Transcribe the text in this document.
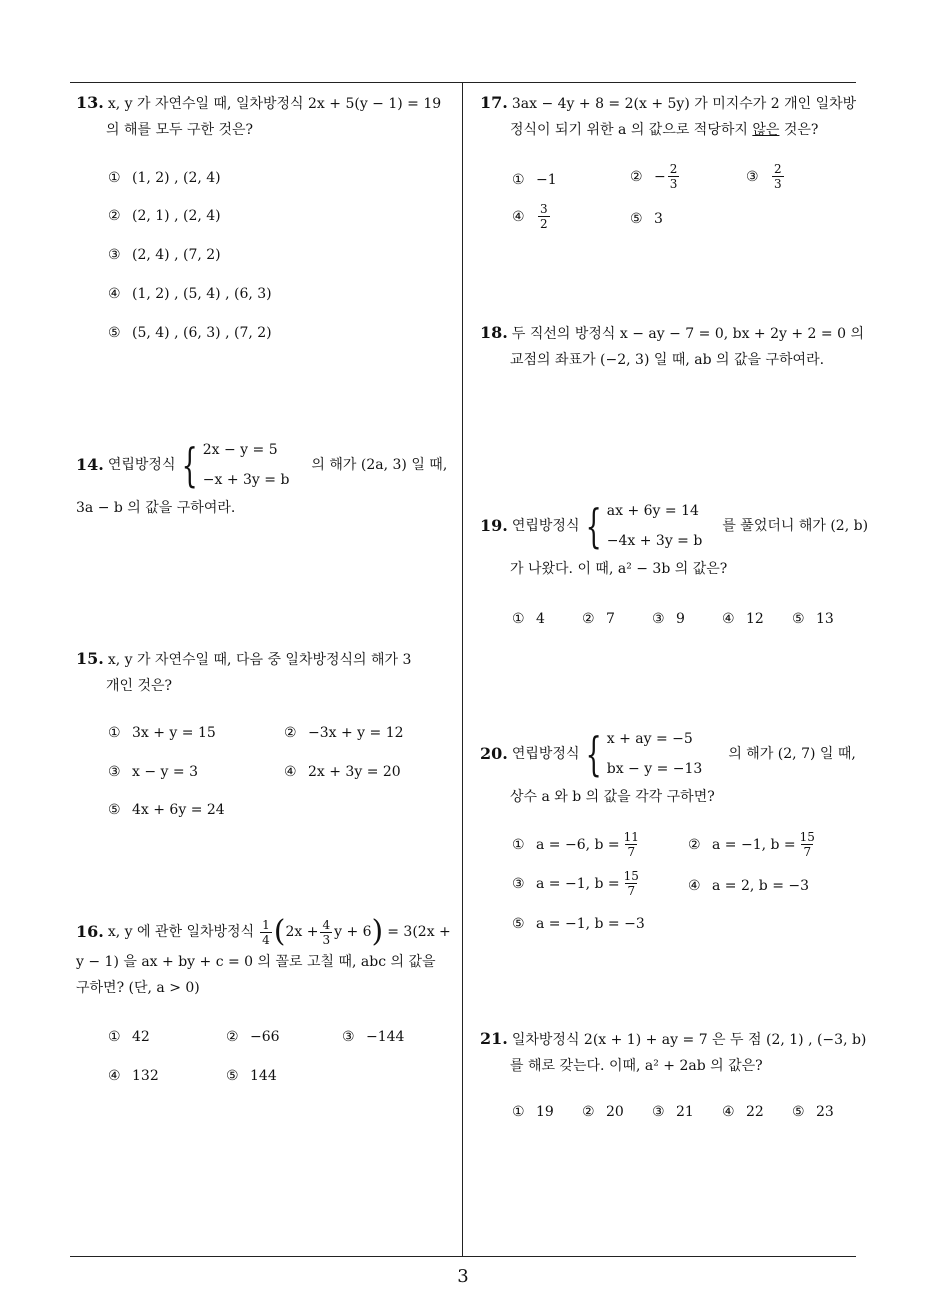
13. x, y 가 자연수일 때, 일차방정식 2x + 5(y − 1) = 19
의 해를 모두 구한 것은?
① (1, 2) , (2, 4)
② (2, 1) , (2, 4)
③ (2, 4) , (7, 2)
④ (1, 2) , (5, 4) , (6, 3)
⑤ (5, 4) , (6, 3) , (7, 2)
14. 연립방정식 { 2x − y = 5
−x + 3y = b
의 해가 (2a, 3) 일 때,
3a − b 의 값을 구하여라.
15. x, y 가 자연수일 때, 다음 중 일차방정식의 해가 3
개인 것은?
① 3x + y = 15	② −3x + y = 12
③ x − y = 3	④ 2x + 3y = 20
⑤ 4x + 6y = 24
16. x, y 에 관한 일차방정식 $\frac{1}{4}$ ( $2x + \frac{4}{3}$ y + 6 ) = 3(2x +
y − 1) 을 ax + by + c = 0 의 꼴로 고칠 때, abc 의 값을
구하면? (단, a > 0)
① 42	② −66	③ −144
④ 132	⑤ 144
17. 3ax − 4y + 8 = 2(x + 5y) 가 미지수가 2 개인 일차방
정식이 되기 위한 a 의 값으로 적당하지 않은 것은?
① −1	② − $\frac{2}{3}$	③	$\frac{2}{3}$
④	$\frac{3}{2}$	⑤ 3
18. 두 직선의 방정식 x − ay − 7 = 0, bx + 2y + 2 = 0 의
교점의 좌표가 (−2, 3) 일 때, ab 의 값을 구하여라.
19. 연립방정식 { ax + 6y = 14
−4x + 3y = b
를 풀었더니 해가 (2, b)
가 나왔다. 이 때, a² − 3b 의 값은?
① 4	② 7	③ 9	④ 12 ⑤ 13
20. 연립방정식 { x + ay = −5
bx − y = −13
의 해가 (2, 7) 일 때,
상수 a 와 b 의 값을 각각 구하면?
① a = −6, $b = \frac{11}{7}$	② a = −1, $b = \frac{15}{7}$
③ a = −1, $b = \frac{15}{7}$	④ a = 2, b = −3
⑤ a = −1, b = −3
21. 일차방정식 2(x + 1) + ay = 7 은 두 점 (2, 1) , (−3, b)
를 해로 갖는다. 이때, a² + 2ab 의 값은?
① 19 ② 20 ③ 21 ④ 22 ⑤ 23
3
